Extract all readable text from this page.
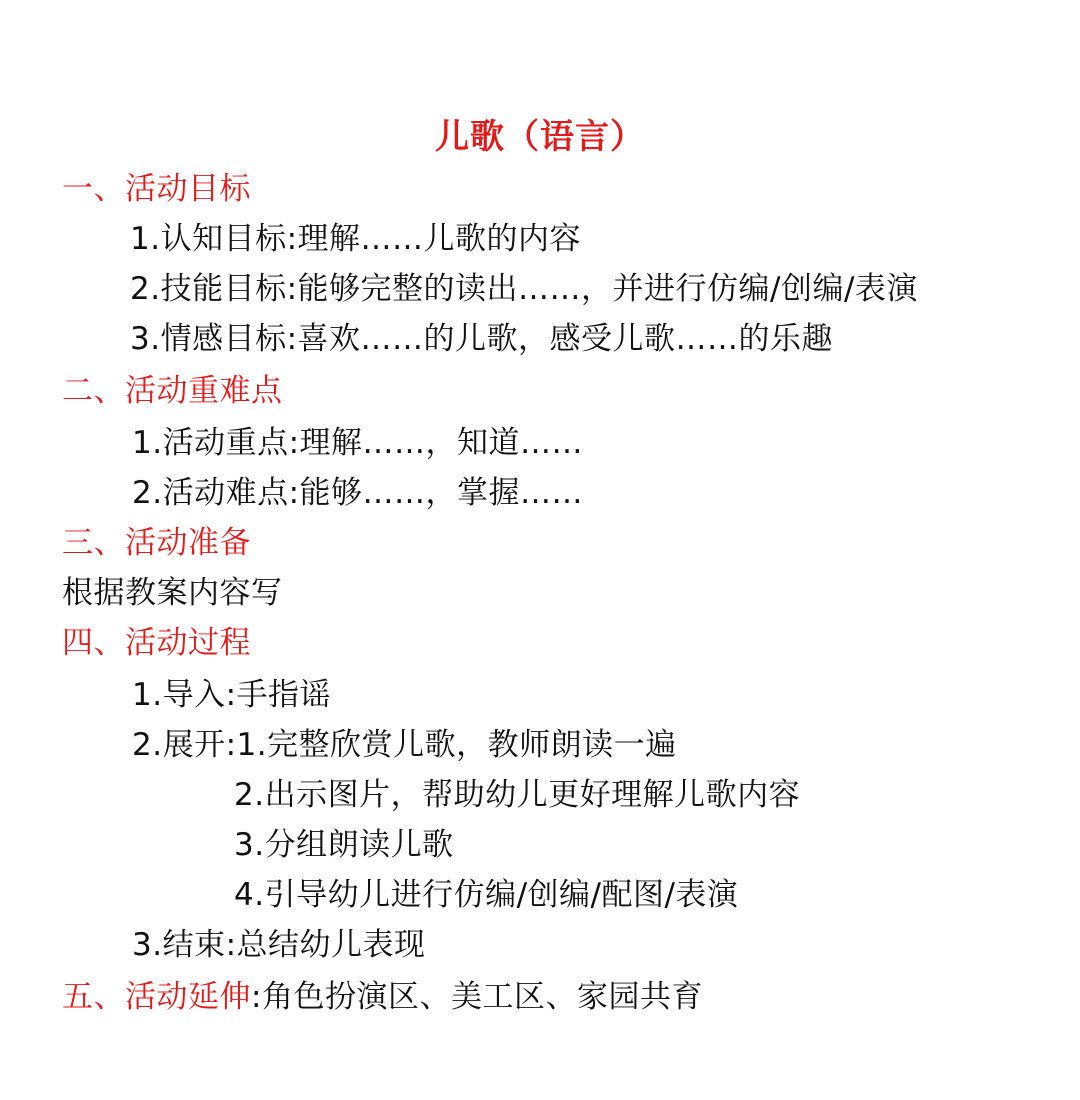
儿歌（语言）
一、活动目标
1.认知目标:理解……儿歌的内容
2.技能目标:能够完整的读出……，并进行仿编/创编/表演
3.情感目标:喜欢……的儿歌，感受儿歌……的乐趣
二、活动重难点
1.活动重点:理解……，知道……
2.活动难点:能够……，掌握……
三、活动准备
根据教案内容写
四、活动过程
1.导入:手指谣
2.展开:1.完整欣赏儿歌，教师朗读一遍
2.出示图片，帮助幼儿更好理解儿歌内容
3.分组朗读儿歌
4.引导幼儿进行仿编/创编/配图/表演
3.结束:总结幼儿表现
五、活动延伸:角色扮演区、美工区、家园共育
